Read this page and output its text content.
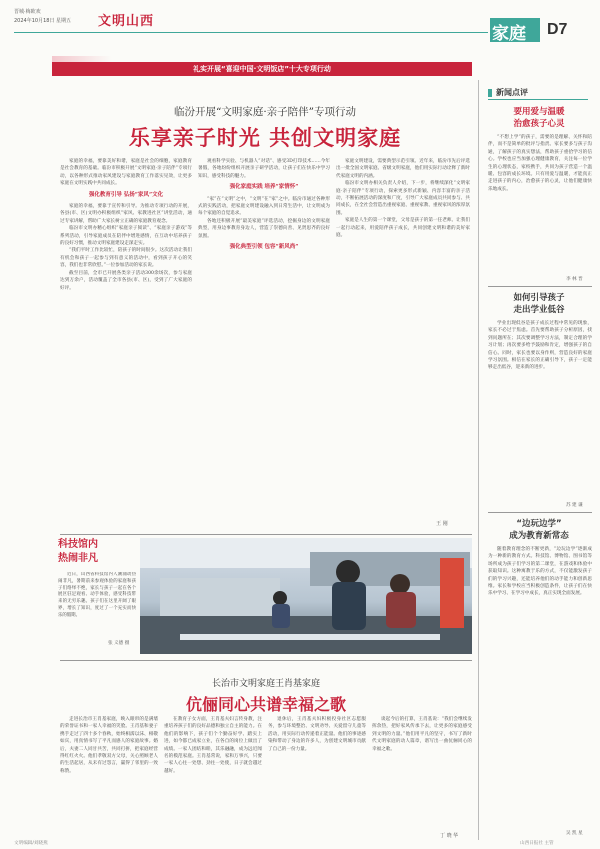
晋城·梅欧欢
2024年10月18日 星期五 文明山西
家庭 D7
礼实开展“喜迎中国·文明饭店”十大专项行动
临汾开展“文明家庭·亲子陪伴”专项行动
乐享亲子时光 共创文明家庭

家庭的幸福，要靠美好和谐，家庭是社会的细胞，家庭教育是社会教育的基础。临汾市积极开展“文明家庭·亲子陪伴”专项行动，以各种形式推动家风建设与家庭教育工作落实见效，让更多家庭在文明实践中共同成长。

强化教育引导 弘扬“家风”文化

家庭的幸福，要靠于宣传和引导。为推动专项行动的开展，各县(市、区)文明办积极组织“家风、家教进社区”讲堂活动，通过专家讲解，帮助广大家长树立正确的家庭教育观念。

临汾市文明办精心组织“家庭亲子阅读”、“家庭亲子游戏”等系列活动，引导家庭成员在陪伴中增进感情，在互动中培养孩子的良好习惯，推动文明家庭建设走深走实。

“我们平时工作比较忙，陪孩子的时间很少。这次活动让我们有机会和孩子一起参与到有意义的活动中，看到孩子开心的笑容，我们也非常欣慰。”一位参加活动的家长说。

截至目前，全市已开展各类亲子活动300余场次，参与家庭达到万余户，活动覆盖了全市各县(市、区)，受到了广大家庭的好评。

观看科学实验、与机器人“对话”、感受3D打印技术……今年暑假，各地纷纷组织开展亲子研学活动，让孩子们在快乐中学习知识，感受科技的魅力。

强化家庭实践 培养“家情怀”

“家”在“文明”之中，“文明”在“家”之中。临汾市通过各种形式的实践活动，把家庭文明建设融入到日常生活中，让文明成为每个家庭的自觉追求。

各地还积极开展“最美家庭”评选活动，挖掘身边的文明家庭典型，用身边事教育身边人，营造了崇德向善、见贤思齐的良好氛围。

强化典型引领 包容“新风尚”

家庭文明建设，需要典型示范引领。近年来，临汾市先后评选出一批全国文明家庭、省级文明家庭，他们用实际行动诠释了新时代家庭文明的内涵。

临汾市文明办相关负责人介绍，下一步，将继续深化“文明家庭·亲子陪伴”专项行动，探索更多形式新颖、内容丰富的亲子活动，不断拓展活动的深度和广度，引导广大家庭成员共同参与、共同成长，在全社会营造出重视家庭、重视家教、重视家风的浓厚氛围。

家庭是人生的第一个课堂，父母是孩子的第一任老师。让我们一起行动起来，用爱陪伴孩子成长，共同创建文明和谐的美好家庭。

王 刚
科技馆内
热闹非凡
近日，山西省科技馆内人潮涌动热闹非凡，暑期前来参观体验的家庭和孩子们络绎不绝，家长与孩子一起在各个展区驻足观看、动手体验，感受科技带来的无穷乐趣。孩子们在这里开阔了眼界，增长了知识，度过了一个充实而快乐的假期。
张 义德 摄
长治市文明家庭王肖基家庭
伉俪同心共谱幸福之歌
走进长治市王肖基家庭，映入眼帘的是满墙的荣誉证书和一家人幸福的笑脸。王肖基和妻子携手走过了四十多个春秋，始终相濡以沫、相敬如宾，用真情书写了平凡而感人的家庭故事。婚后，夫妻二人同甘共苦，共同打拼，把家庭经营得红红火火。他们孝敬双方父母，关心照顾老人的生活起居，从未有过怨言，赢得了邻里的一致称赞。
在教育子女方面，王肖基夫妇言传身教，注重培养孩子们的良好品德和独立自主的能力。在他们的影响下，孩子们个个勤奋好学、踏实上进，如今都已成家立业，在各自的岗位上做出了成绩。一家人团结和睦，其乐融融，成为远近闻名的模范家庭。王肖基常说，家和万事兴，只要一家人心往一处想、劲往一处使，日子就会越过越好。
退休后，王肖基夫妇积极投身社区志愿服务，参与环境整治、文明劝导、关爱留守儿童等活动，用实际行动传递着正能量。他们的事迹感染和带动了身边的许多人，为创建文明城市贡献了自己的一份力量。
谈起今后的打算，王肖基说：“我们会继续发挥余热，把好家风传承下去，让更多的家庭感受到文明的力量。”他们用平凡的坚守，书写了新时代文明家庭的动人篇章，谱写出一曲伉俪同心的幸福之歌。
丁 晓 华
新闻点评
要用爱与温暖
治愈孩子心灵
“不想上学”的孩子，需要的是理解、关怀和陪伴，而不是简单的批评与指责。家长要多与孩子沟通，了解孩子的真实想法，帮助孩子重拾学习的信心。学校也应当加强心理健康教育，关注每一位学生的心理状态，家校携手，共同为孩子营造一个温暖、包容的成长环境。只有用爱与温暖，才能真正走进孩子的内心，治愈孩子的心灵，让他们健康快乐地成长。
李 林 晋
如何引导孩子
走出学业低谷
学业出现低谷是孩子成长过程中常见的现象，家长不必过于焦虑。首先要帮助孩子分析原因，找到问题所在；其次要调整学习方法，制定合理的学习计划；再次要多给予鼓励和肯定，增强孩子的自信心。同时，家长也要以身作则，营造良好的家庭学习氛围。相信在家长的正确引导下，孩子一定能够走出低谷，迎来新的进步。
苏 建 谦
“边玩边学”
成为教育新常态
随着教育理念的不断更新，“边玩边学”逐渐成为一种新的教育方式。科技馆、博物馆、图书馆等场所成为孩子们学习的第二课堂，在游戏和体验中获取知识。这种寓教于乐的方式，不仅能激发孩子们的学习兴趣，还能培养他们的动手能力和创新思维。家长和学校应当积极创造条件，让孩子们在快乐中学习、在学习中成长，真正实现全面发展。
吴 凯 星
文明编辑/刘晓燕	山西日报社 主管
